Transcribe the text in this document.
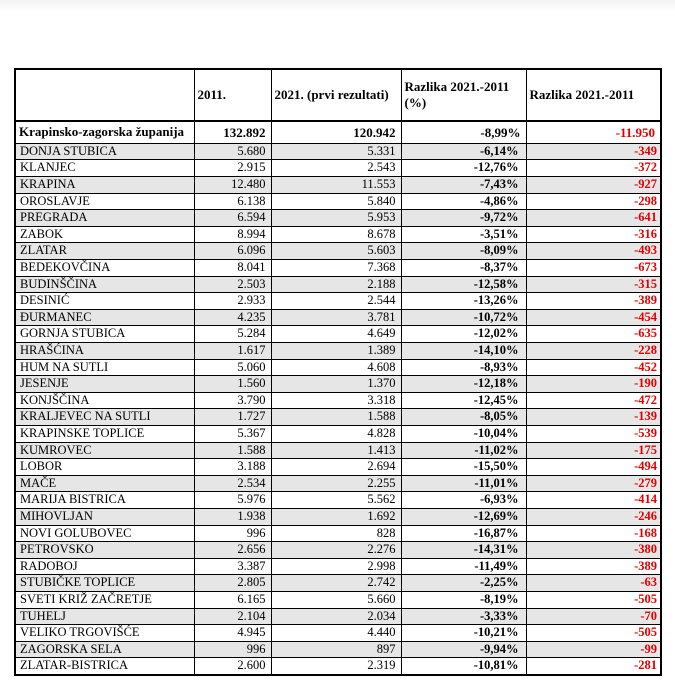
	2011.	2021. (prvi rezultati)	Razlika 2021.-2011 (%)	Razlika 2021.-2011
Krapinsko-zagorska županija	132.892	120.942	-8,99%	-11.950
DONJA STUBICA	5.680	5.331	-6,14%	-349
KLANJEC	2.915	2.543	-12,76%	-372
KRAPINA	12.480	11.553	-7,43%	-927
OROSLAVJE	6.138	5.840	-4,86%	-298
PREGRADA	6.594	5.953	-9,72%	-641
ZABOK	8.994	8.678	-3,51%	-316
ZLATAR	6.096	5.603	-8,09%	-493
BEDEKOVČINA	8.041	7.368	-8,37%	-673
BUDINŠČINA	2.503	2.188	-12,58%	-315
DESINIĆ	2.933	2.544	-13,26%	-389
ĐURMANEC	4.235	3.781	-10,72%	-454
GORNJA STUBICA	5.284	4.649	-12,02%	-635
HRAŠĆINA	1.617	1.389	-14,10%	-228
HUM NA SUTLI	5.060	4.608	-8,93%	-452
JESENJE	1.560	1.370	-12,18%	-190
KONJŠČINA	3.790	3.318	-12,45%	-472
KRALJEVEC NA SUTLI	1.727	1.588	-8,05%	-139
KRAPINSKE TOPLICE	5.367	4.828	-10,04%	-539
KUMROVEC	1.588	1.413	-11,02%	-175
LOBOR	3.188	2.694	-15,50%	-494
MAČE	2.534	2.255	-11,01%	-279
MARIJA BISTRICA	5.976	5.562	-6,93%	-414
MIHOVLJAN	1.938	1.692	-12,69%	-246
NOVI GOLUBOVEC	996	828	-16,87%	-168
PETROVSKO	2.656	2.276	-14,31%	-380
RADOBOJ	3.387	2.998	-11,49%	-389
STUBIČKE TOPLICE	2.805	2.742	-2,25%	-63
SVETI KRIŽ ZAČRETJE	6.165	5.660	-8,19%	-505
TUHELJ	2.104	2.034	-3,33%	-70
VELIKO TRGOVIŠĆE	4.945	4.440	-10,21%	-505
ZAGORSKA SELA	996	897	-9,94%	-99
ZLATAR-BISTRICA	2.600	2.319	-10,81%	-281
